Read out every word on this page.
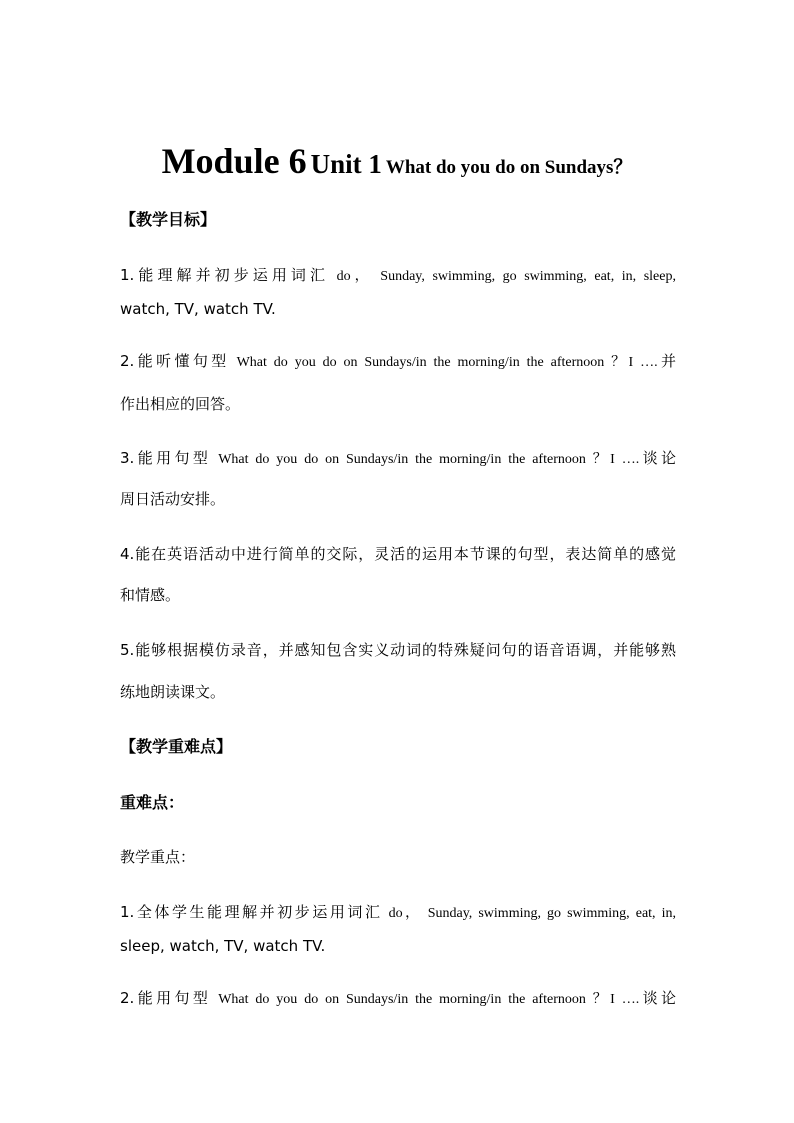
Module 6 Unit 1 What do you do on Sundays？
【教学目标】
1.能理解并初步运用词汇 do， Sunday, swimming, go swimming, eat, in, sleep,
watch, TV, watch TV.
2.能听懂句型 What do you do on Sundays/in the morning/in the afternoon ？I ….并
作出相应的回答。
3.能用句型 What do you do on Sundays/in the morning/in the afternoon ？I ….谈论
周日活动安排。
4.能在英语活动中进行简单的交际，灵活的运用本节课的句型，表达简单的感觉
和情感。
5.能够根据模仿录音，并感知包含实义动词的特殊疑问句的语音语调，并能够熟
练地朗读课文。
【教学重难点】
重难点：
教学重点：
1.全体学生能理解并初步运用词汇 do， Sunday, swimming, go swimming, eat, in,
sleep, watch, TV, watch TV.
2.能用句型 What do you do on Sundays/in the morning/in the afternoon ？I ….谈论
